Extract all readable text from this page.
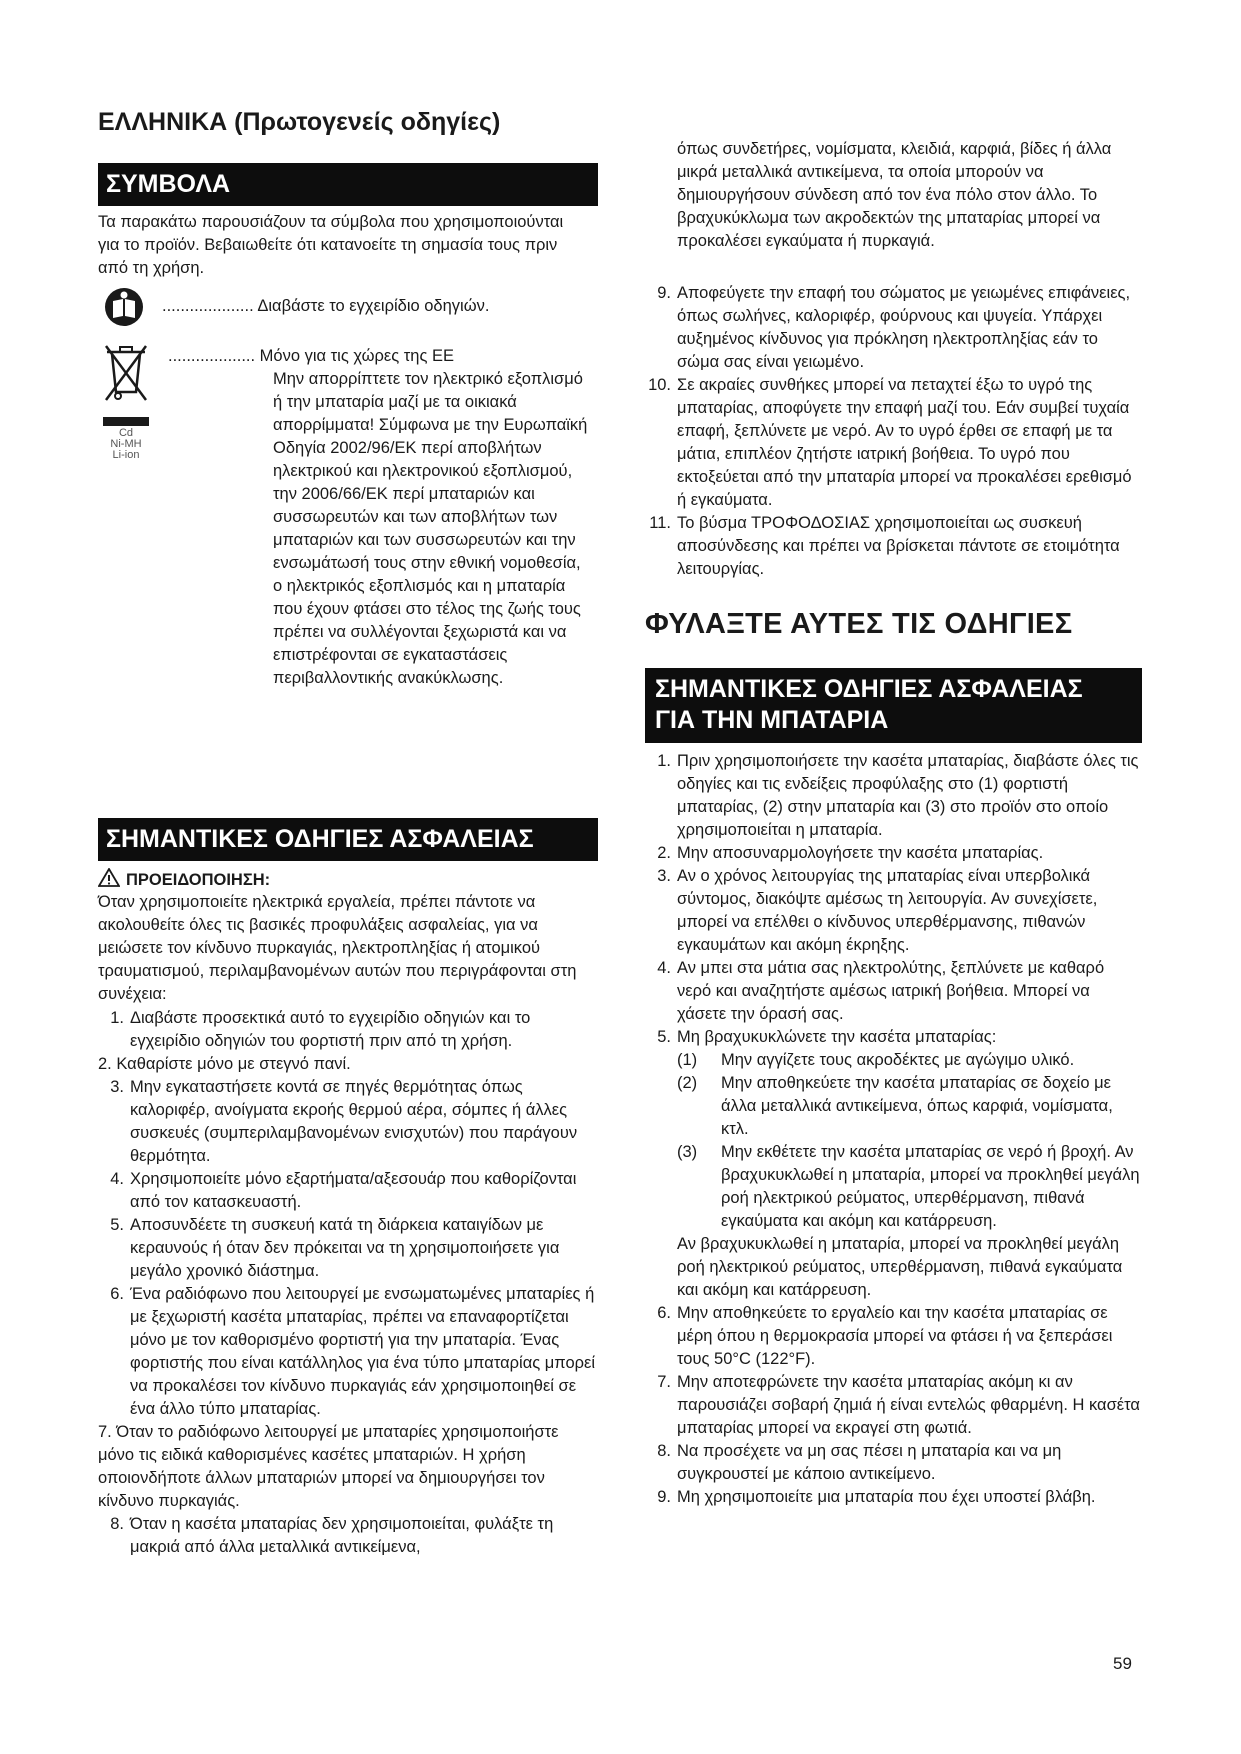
ΕΛΛΗΝΙΚΑ (Πρωτογενείς οδηγίες)
ΣΥΜΒΟΛΑ

Τα παρακάτω παρουσιάζουν τα σύμβολα που χρησιμοποιούνται για το προϊόν. Βεβαιωθείτε ότι κατανοείτε τη σημασία τους πριν από τη χρήση.

.................... Διαβάστε το εγχειρίδιο οδηγιών.
Cd
Ni-MH
Li-ion
................... Μόνο για τις χώρες της ΕΕ

Μην απορρίπτετε τον ηλεκτρικό εξοπλισμό ή την μπαταρία μαζί με τα οικιακά απορρίμματα! Σύμφωνα με την Ευρωπαϊκή Οδηγία 2002/96/ΕΚ περί αποβλήτων ηλεκτρικού και ηλεκτρονικού εξοπλισμού, την 2006/66/ΕΚ περί μπαταριών και συσσωρευτών και των αποβλήτων των μπαταριών και των συσσωρευτών και την ενσωμάτωσή τους στην εθνική νομοθεσία, ο ηλεκτρικός εξοπλισμός και η μπαταρία που έχουν φτάσει στο τέλος της ζωής τους πρέπει να συλλέγονται ξεχωριστά και να επιστρέφονται σε εγκαταστάσεις περιβαλλοντικής ανακύκλωσης.

ΣΗΜΑΝΤΙΚΕΣ ΟΔΗΓΙΕΣ ΑΣΦΑΛΕΙΑΣ
ΠΡΟΕΙΔΟΠΟΙΗΣΗ:

Όταν χρησιμοποιείτε ηλεκτρικά εργαλεία, πρέπει πάντοτε να ακολουθείτε όλες τις βασικές προφυλάξεις ασφαλείας, για να μειώσετε τον κίνδυνο πυρκαγιάς, ηλεκτροπληξίας ή ατομικού τραυματισμού, περιλαμβανομένων αυτών που περιγράφονται στη συνέχεια:

1. Διαβάστε προσεκτικά αυτό το εγχειρίδιο οδηγιών και το εγχειρίδιο οδηγιών του φορτιστή πριν από τη χρήση.
2. Καθαρίστε μόνο με στεγνό πανί.
3. Μην εγκαταστήσετε κοντά σε πηγές θερμότητας όπως καλοριφέρ, ανοίγματα εκροής θερμού αέρα, σόμπες ή άλλες συσκευές (συμπεριλαμβανομένων ενισχυτών) που παράγουν θερμότητα.
4. Χρησιμοποιείτε μόνο εξαρτήματα/αξεσουάρ που καθορίζονται από τον κατασκευαστή.
5. Αποσυνδέετε τη συσκευή κατά τη διάρκεια καταιγίδων με κεραυνούς ή όταν δεν πρόκειται να τη χρησιμοποιήσετε για μεγάλο χρονικό διάστημα.
6. Ένα ραδιόφωνο που λειτουργεί με ενσωματωμένες μπαταρίες ή με ξεχωριστή κασέτα μπαταρίας, πρέπει να επαναφορτίζεται μόνο με τον καθορισμένο φορτιστή για την μπαταρία. Ένας φορτιστής που είναι κατάλληλος για ένα τύπο μπαταρίας μπορεί να προκαλέσει τον κίνδυνο πυρκαγιάς εάν χρησιμοποιηθεί σε ένα άλλο τύπο μπαταρίας.
7. Όταν το ραδιόφωνο λειτουργεί με μπαταρίες χρησιμοποιήστε μόνο τις ειδικά καθορισμένες κασέτες μπαταριών. Η χρήση οποιονδήποτε άλλων μπαταριών μπορεί να δημιουργήσει τον κίνδυνο πυρκαγιάς.
8. Όταν η κασέτα μπαταρίας δεν χρησιμοποιείται, φυλάξτε τη μακριά από άλλα μεταλλικά αντικείμενα,

όπως συνδετήρες, νομίσματα, κλειδιά, καρφιά, βίδες ή άλλα μικρά μεταλλικά αντικείμενα, τα οποία μπορούν να δημιουργήσουν σύνδεση από τον ένα πόλο στον άλλο. Το βραχυκύκλωμα των ακροδεκτών της μπαταρίας μπορεί να προκαλέσει εγκαύματα ή πυρκαγιά.

9. Αποφεύγετε την επαφή του σώματος με γειωμένες επιφάνειες, όπως σωλήνες, καλοριφέρ, φούρνους και ψυγεία. Υπάρχει αυξημένος κίνδυνος για πρόκληση ηλεκτροπληξίας εάν το σώμα σας είναι γειωμένο.
10. Σε ακραίες συνθήκες μπορεί να πεταχτεί έξω το υγρό της μπαταρίας, αποφύγετε την επαφή μαζί του. Εάν συμβεί τυχαία επαφή, ξεπλύνετε με νερό. Αν το υγρό έρθει σε επαφή με τα μάτια, επιπλέον ζητήστε ιατρική βοήθεια. Το υγρό που εκτοξεύεται από την μπαταρία μπορεί να προκαλέσει ερεθισμό ή εγκαύματα.
11. Το βύσμα ΤΡΟΦΟΔΟΣΙΑΣ χρησιμοποιείται ως συσκευή αποσύνδεσης και πρέπει να βρίσκεται πάντοτε σε ετοιμότητα λειτουργίας.
ΦΥΛΑΞΤΕ ΑΥΤΕΣ ΤΙΣ ΟΔΗΓΙΕΣ
ΣΗΜΑΝΤΙΚΕΣ ΟΔΗΓΙΕΣ ΑΣΦΑΛΕΙΑΣ
ΓΙΑ ΤΗΝ ΜΠΑΤΑΡΙΑ
1. Πριν χρησιμοποιήσετε την κασέτα μπαταρίας, διαβάστε όλες τις οδηγίες και τις ενδείξεις προφύλαξης στο (1) φορτιστή μπαταρίας, (2) στην μπαταρία και (3) στο προϊόν στο οποίο χρησιμοποιείται η μπαταρία.
2. Μην αποσυναρμολογήσετε την κασέτα μπαταρίας.
3. Αν ο χρόνος λειτουργίας της μπαταρίας είναι υπερβολικά σύντομος, διακόψτε αμέσως τη λειτουργία. Αν συνεχίσετε, μπορεί να επέλθει ο κίνδυνος υπερθέρμανσης, πιθανών εγκαυμάτων και ακόμη έκρηξης.
4. Αν μπει στα μάτια σας ηλεκτρολύτης, ξεπλύνετε με καθαρό νερό και αναζητήστε αμέσως ιατρική βοήθεια. Μπορεί να χάσετε την όρασή σας.
5. Μη βραχυκυκλώνετε την κασέτα μπαταρίας:
(1) Μην αγγίζετε τους ακροδέκτες με αγώγιμο υλικό.
(2) Μην αποθηκεύετε την κασέτα μπαταρίας σε δοχείο με άλλα μεταλλικά αντικείμενα, όπως καρφιά, νομίσματα, κτλ.
(3) Μην εκθέτετε την κασέτα μπαταρίας σε νερό ή βροχή. Αν βραχυκυκλωθεί η μπαταρία, μπορεί να προκληθεί μεγάλη ροή ηλεκτρικού ρεύματος, υπερθέρμανση, πιθανά εγκαύματα και ακόμη και κατάρρευση.
Αν βραχυκυκλωθεί η μπαταρία, μπορεί να προκληθεί μεγάλη ροή ηλεκτρικού ρεύματος, υπερθέρμανση, πιθανά εγκαύματα και ακόμη και κατάρρευση.
6. Μην αποθηκεύετε το εργαλείο και την κασέτα μπαταρίας σε μέρη όπου η θερμοκρασία μπορεί να φτάσει ή να ξεπεράσει τους 50°C (122°F).
7. Μην αποτεφρώνετε την κασέτα μπαταρίας ακόμη κι αν παρουσιάζει σοβαρή ζημιά ή είναι εντελώς φθαρμένη. Η κασέτα μπαταρίας μπορεί να εκραγεί στη φωτιά.
8. Να προσέχετε να μη σας πέσει η μπαταρία και να μη συγκρουστεί με κάποιο αντικείμενο.
9. Μη χρησιμοποιείτε μια μπαταρία που έχει υποστεί βλάβη.
59
